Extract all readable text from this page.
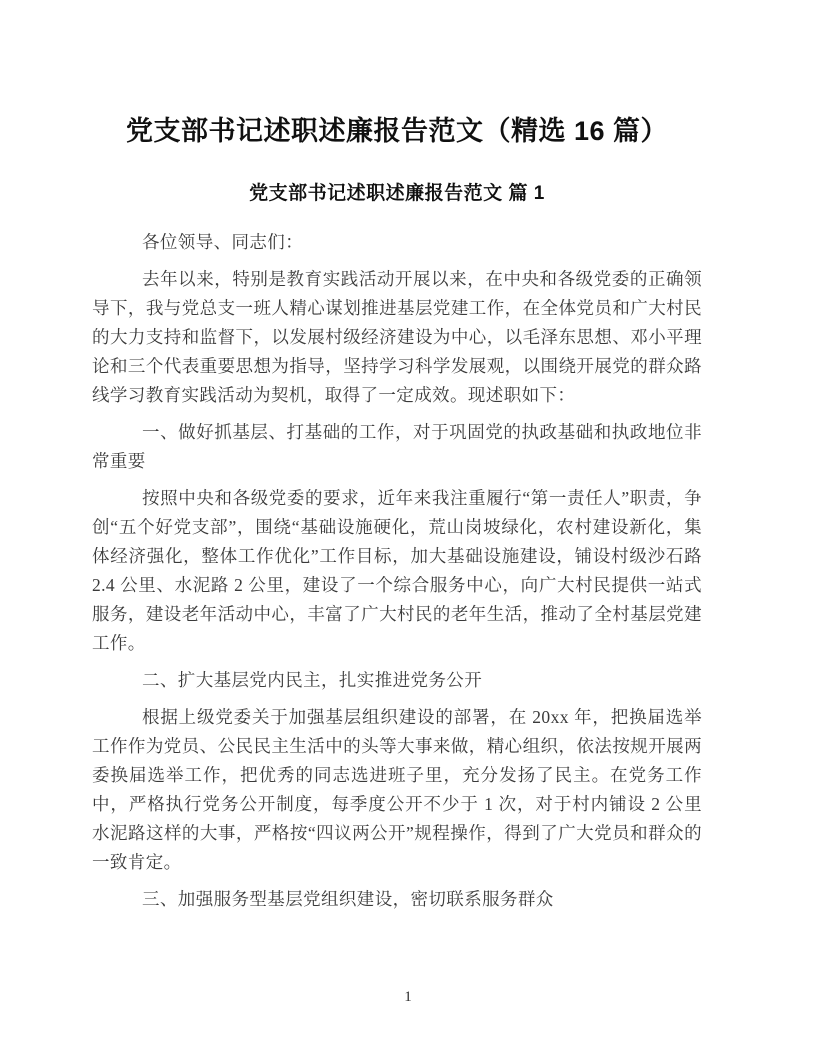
党支部书记述职述廉报告范文（精选 16 篇）
党支部书记述职述廉报告范文 篇 1

各位领导、同志们：

去年以来，特别是教育实践活动开展以来，在中央和各级党委的正确领导下，我与党总支一班人精心谋划推进基层党建工作，在全体党员和广大村民的大力支持和监督下，以发展村级经济建设为中心，以毛泽东思想、邓小平理论和三个代表重要思想为指导，坚持学习科学发展观，以围绕开展党的群众路线学习教育实践活动为契机，取得了一定成效。现述职如下：

一、做好抓基层、打基础的工作，对于巩固党的执政基础和执政地位非常重要

按照中央和各级党委的要求，近年来我注重履行“第一责任人”职责，争创“五个好党支部”，围绕“基础设施硬化，荒山岗坡绿化，农村建设新化，集体经济强化，整体工作优化”工作目标，加大基础设施建设，铺设村级沙石路 2.4 公里、水泥路 2 公里，建设了一个综合服务中心，向广大村民提供一站式服务，建设老年活动中心，丰富了广大村民的老年生活，推动了全村基层党建工作。

二、扩大基层党内民主，扎实推进党务公开

根据上级党委关于加强基层组织建设的部署，在 20xx 年，把换届选举工作作为党员、公民民主生活中的头等大事来做，精心组织，依法按规开展两委换届选举工作，把优秀的同志选进班子里，充分发扬了民主。在党务工作中，严格执行党务公开制度，每季度公开不少于 1 次，对于村内铺设 2 公里水泥路这样的大事，严格按“四议两公开”规程操作，得到了广大党员和群众的一致肯定。

三、加强服务型基层党组织建设，密切联系服务群众

1
